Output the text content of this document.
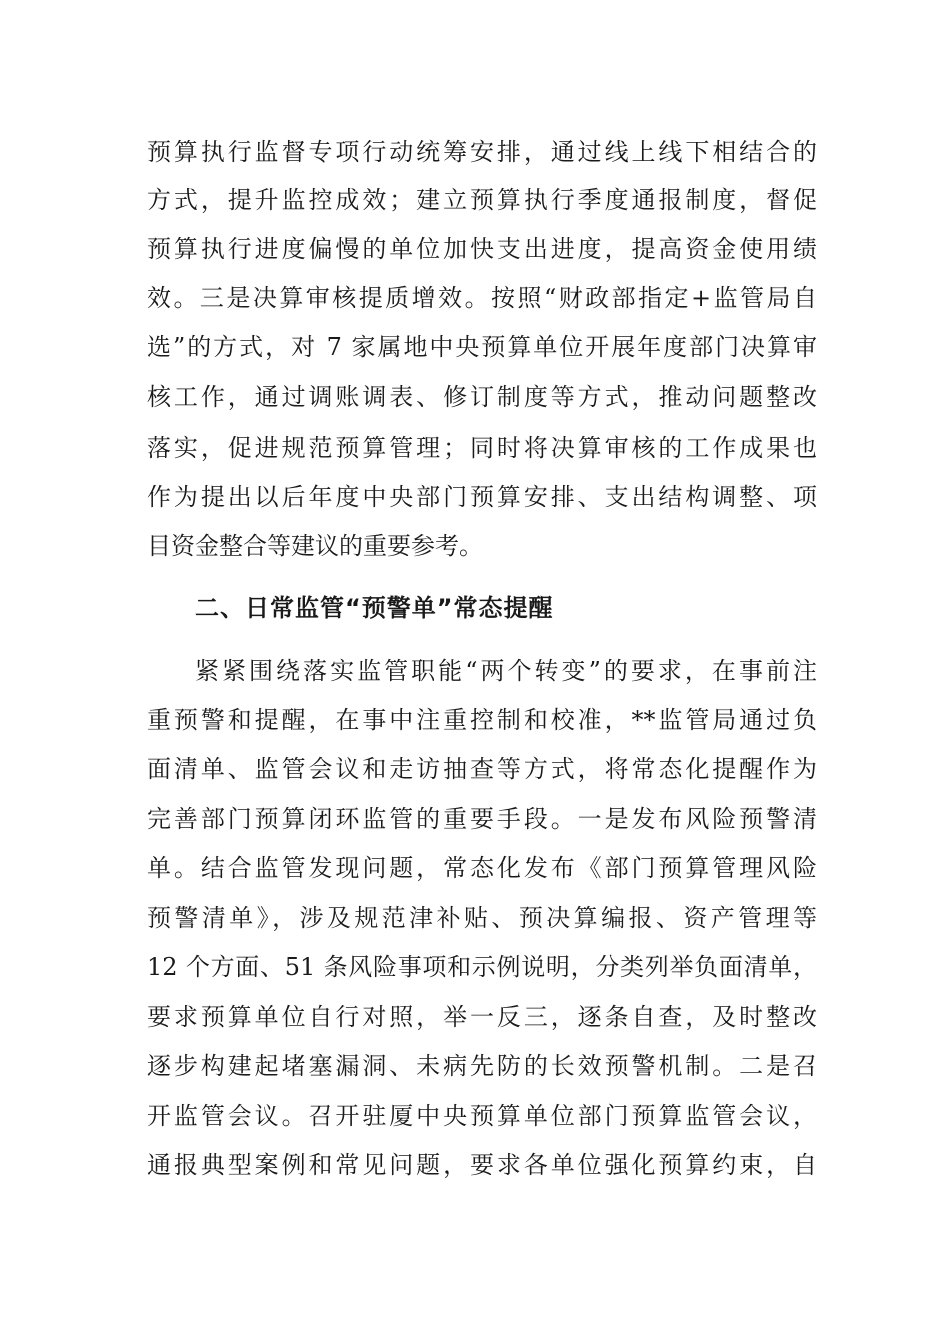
预算执行监督专项行动统筹安排，通过线上线下相结合的
方式，提升监控成效；建立预算执行季度通报制度，督促
预算执行进度偏慢的单位加快支出进度，提高资金使用绩
效。三是决算审核提质增效。按照“财政部指定+监管局自
选”的方式，对 7 家属地中央预算单位开展年度部门决算审
核工作，通过调账调表、修订制度等方式，推动问题整改
落实，促进规范预算管理；同时将决算审核的工作成果也
作为提出以后年度中央部门预算安排、支出结构调整、项
目资金整合等建议的重要参考。
二、日常监管“预警单”常态提醒
紧紧围绕落实监管职能“两个转变”的要求，在事前注
重预警和提醒，在事中注重控制和校准，**监管局通过负
面清单、监管会议和走访抽查等方式，将常态化提醒作为
完善部门预算闭环监管的重要手段。一是发布风险预警清
单。结合监管发现问题，常态化发布《部门预算管理风险
预警清单》，涉及规范津补贴、预决算编报、资产管理等
12 个方面、51 条风险事项和示例说明，分类列举负面清单，
要求预算单位自行对照，举一反三，逐条自查，及时整改
逐步构建起堵塞漏洞、未病先防的长效预警机制。二是召
开监管会议。召开驻厦中央预算单位部门预算监管会议，
通报典型案例和常见问题，要求各单位强化预算约束，自
